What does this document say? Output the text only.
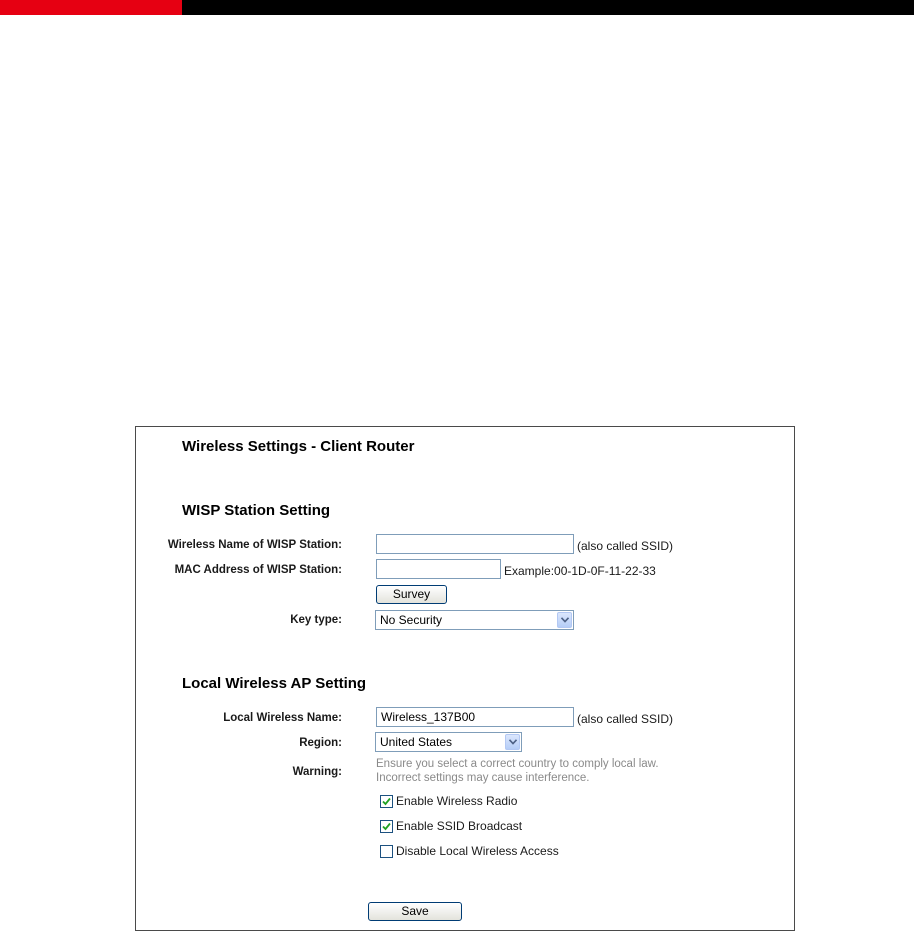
Wireless Settings - Client Router
WISP Station Setting
Wireless Name of WISP Station:	(also called SSID)
MAC Address of WISP Station:	Example:00-1D-0F-11-22-33
Survey
Key type:	No Security
Local Wireless AP Setting
Local Wireless Name:
Wireless_137B00	(also called SSID)
Region:	United States
Warning:
Ensure you select a correct country to comply local law.
Incorrect settings may cause interference.
Enable Wireless Radio
Enable SSID Broadcast
Disable Local Wireless Access
Save
